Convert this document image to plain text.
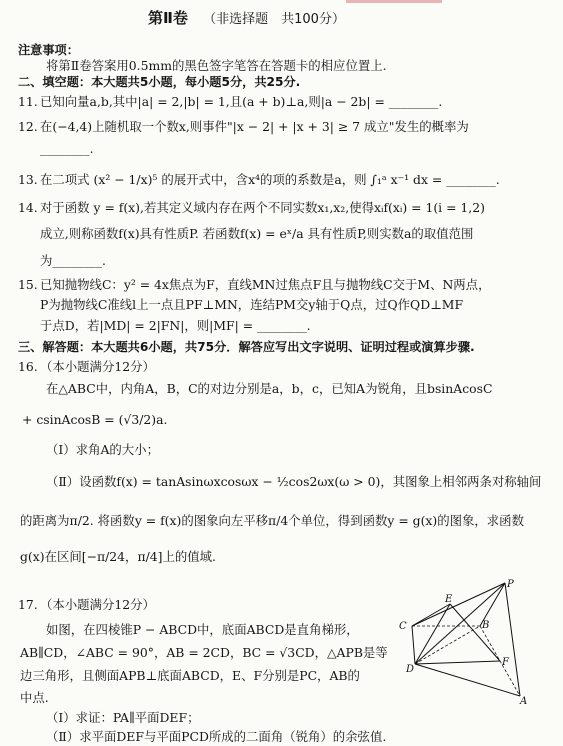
第Ⅱ卷 （非选择题　共100分）
注意事项：
将第Ⅱ卷答案用0.5mm的黑色签字笔答在答题卡的相应位置上.
二、填空题：本大题共5小题，每小题5分，共25分.
11. 已知向量a,b,其中|a| = 2,|b| = 1,且(a + b)⊥a,则|a − 2b| = ________.
12. 在(−4,4)上随机取一个数x,则事件"|x − 2| + |x + 3| ≥ 7 成立"发生的概率为
________.
13. 在二项式 (x² − 1/x)⁵ 的展开式中，含x⁴的项的系数是a，则 ∫₁ᵃ x⁻¹ dx = ________.
14. 对于函数 y = f(x),若其定义域内存在两个不同实数x₁,x₂,使得xᵢf(xᵢ) = 1(i = 1,2)
成立,则称函数f(x)具有性质P. 若函数f(x) = eˣ/a 具有性质P,则实数a的取值范围
为________.
15. 已知抛物线C：y² = 4x焦点为F，直线MN过焦点F且与抛物线C交于M、N两点，
P为抛物线C准线l上一点且PF⊥MN，连结PM交y轴于Q点，过Q作QD⊥MF
于点D，若|MD| = 2|FN|，则|MF| = ________.
三、解答题：本大题共6小题，共75分．解答应写出文字说明、证明过程或演算步骤.
16. （本小题满分12分）
在△ABC中，内角A，B，C的对边分别是a，b，c，已知A为锐角，且bsinAcosC
+ csinAcosB = (√3/2)a.
（Ⅰ）求角A的大小；
（Ⅱ）设函数f(x) = tanAsinωxcosωx − ½cos2ωx(ω > 0)，其图象上相邻两条对称轴间
的距离为π/2. 将函数y = f(x)的图象向左平移π/4个单位，得到函数y = g(x)的图象，求函数
g(x)在区间[−π/24，π/4]上的值域.
17. （本小题满分12分）
如图，在四棱锥P − ABCD中，底面ABCD是直角梯形，
AB∥CD，∠ABC = 90°，AB = 2CD，BC = √3CD，△APB是等
边三角形，且侧面APB⊥底面ABCD，E、F分别是PC，AB的
中点.
（Ⅰ）求证：PA∥平面DEF；
（Ⅱ）求平面DEF与平面PCD所成的二面角（锐角）的余弦值.
P
E
C	B
D
F
A
